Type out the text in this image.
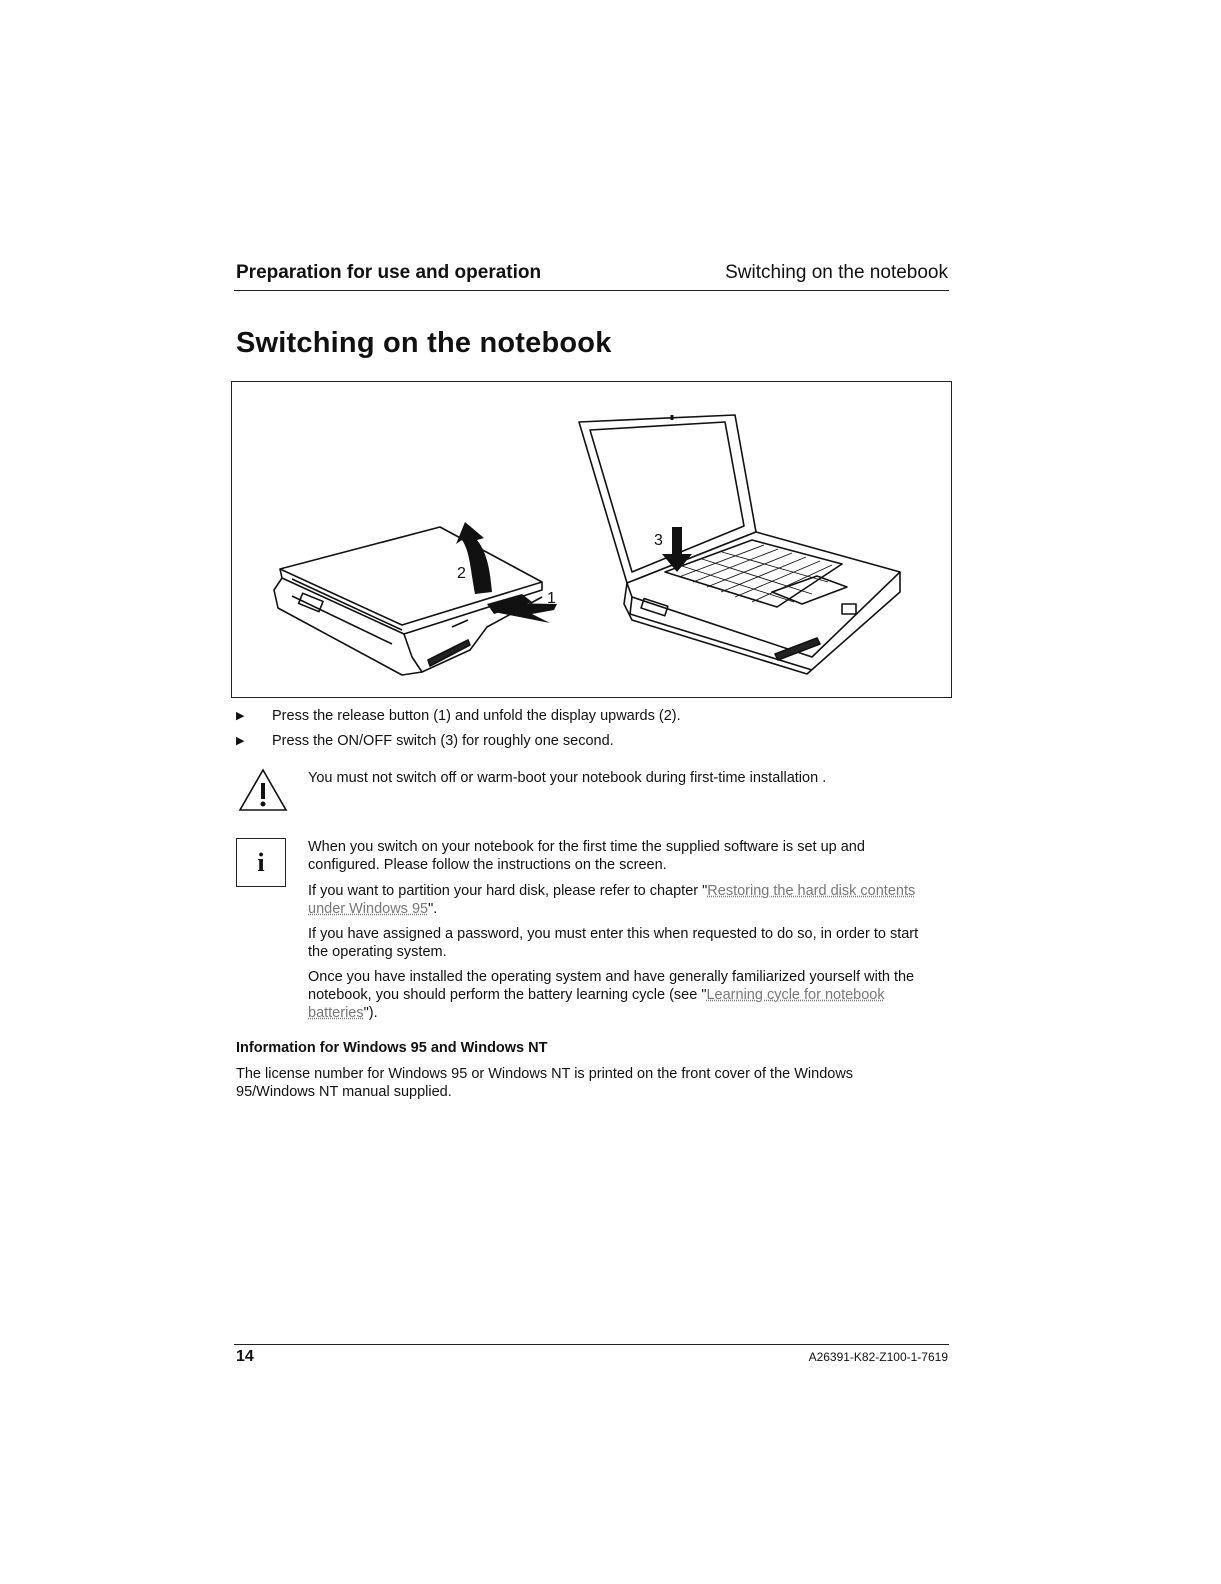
Preparation for use and operation	Switching on the notebook
Switching on the notebook
2
1
3
▶ Press the release button (1) and unfold the display upwards (2).
▶ Press the ON/OFF switch (3) for roughly one second.
You must not switch off or warm-boot your notebook during first-time installation .
i
When you switch on your notebook for the first time the supplied software is set up and configured. Please follow the instructions on the screen.
If you want to partition your hard disk, please refer to chapter "Restoring the hard disk contents under Windows 95".
If you have assigned a password, you must enter this when requested to do so, in order to start the operating system.
Once you have installed the operating system and have generally familiarized yourself with the notebook, you should perform the battery learning cycle (see "Learning cycle for notebook batteries").
Information for Windows 95 and Windows NT
The license number for Windows 95 or Windows NT is printed on the front cover of the Windows 95/Windows NT manual supplied.
14	A26391-K82-Z100-1-7619
